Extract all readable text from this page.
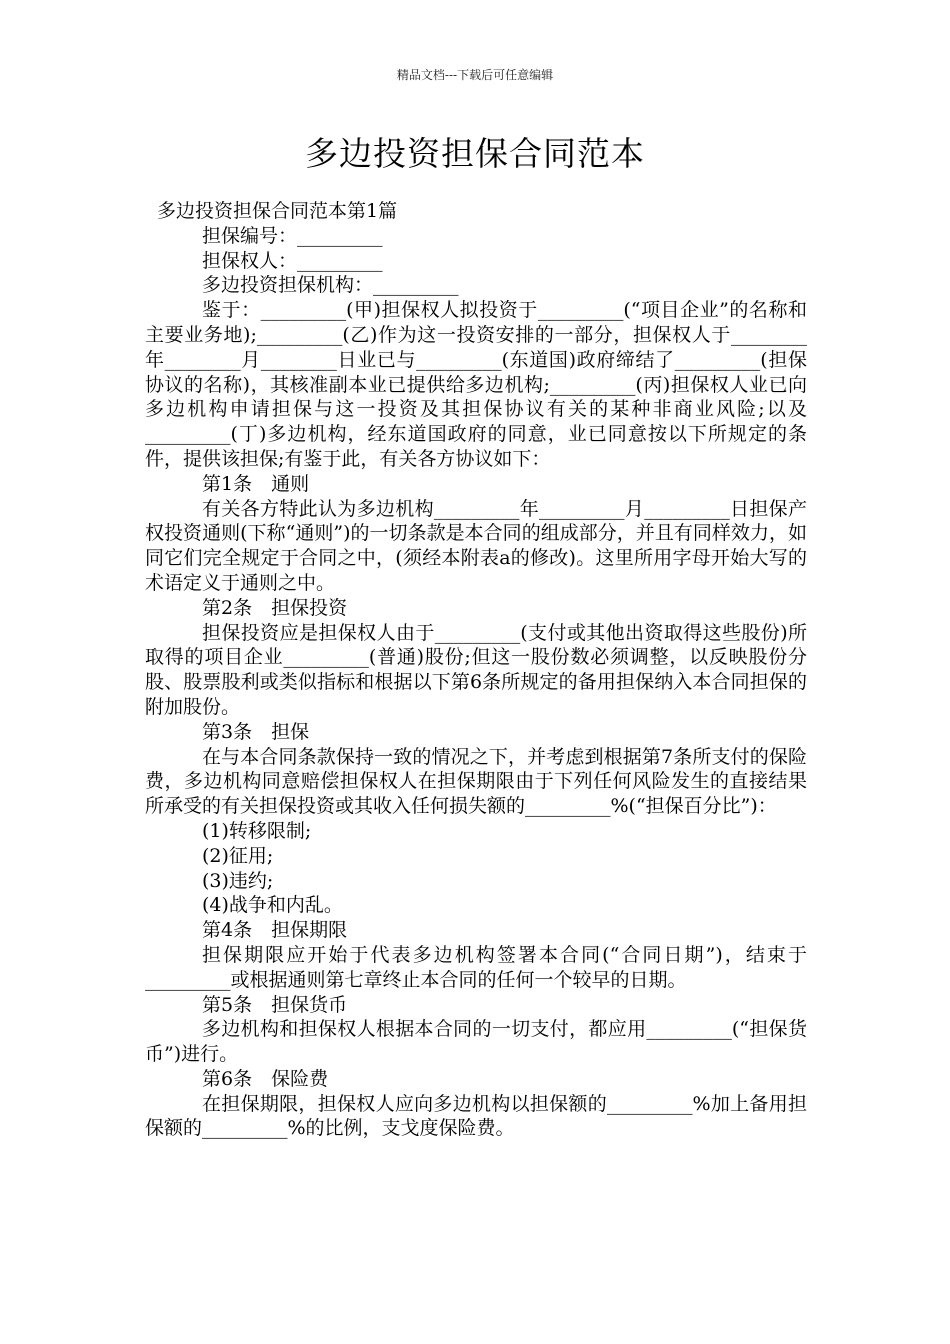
精品文档---下载后可任意编辑
多边投资担保合同范本

多边投资担保合同范本第1篇

担保编号：_________

担保权人：_________

多边投资担保机构：_________

鉴于：_________(甲)担保权人拟投资于_________(“项目企业”的名称和主要业务地);_________(乙)作为这一投资安排的一部分，担保权人于________年________月________日业已与_________(东道国)政府缔结了_________(担保协议的名称)，其核准副本业已提供给多边机构;_________(丙)担保权人业已向多边机构申请担保与这一投资及其担保协议有关的某种非商业风险;以及_________(丁)多边机构，经东道国政府的同意，业已同意按以下所规定的条件，提供该担保;有鉴于此，有关各方协议如下：

第1条　通则

有关各方特此认为多边机构_________年_________月_________日担保产权投资通则(下称“通则”)的一切条款是本合同的组成部分，并且有同样效力，如同它们完全规定于合同之中，(须经本附表a的修改)。这里所用字母开始大写的术语定义于通则之中。

第2条　担保投资

担保投资应是担保权人由于_________(支付或其他出资取得这些股份)所取得的项目企业_________(普通)股份;但这一股份数必须调整，以反映股份分股、股票股利或类似指标和根据以下第6条所规定的备用担保纳入本合同担保的附加股份。

第3条　担保

在与本合同条款保持一致的情况之下，并考虑到根据第7条所支付的保险费，多边机构同意赔偿担保权人在担保期限由于下列任何风险发生的直接结果所承受的有关担保投资或其收入任何损失额的_________%(“担保百分比”)：

(1)转移限制;

(2)征用;

(3)违约;

(4)战争和内乱。

第4条　担保期限

担保期限应开始于代表多边机构签署本合同(“合同日期”)，结束于_________或根据通则第七章终止本合同的任何一个较早的日期。

第5条　担保货币

多边机构和担保权人根据本合同的一切支付，都应用_________(“担保货币”)进行。

第6条　保险费

在担保期限，担保权人应向多边机构以担保额的_________%加上备用担保额的_________%的比例，支戈度保险费。
